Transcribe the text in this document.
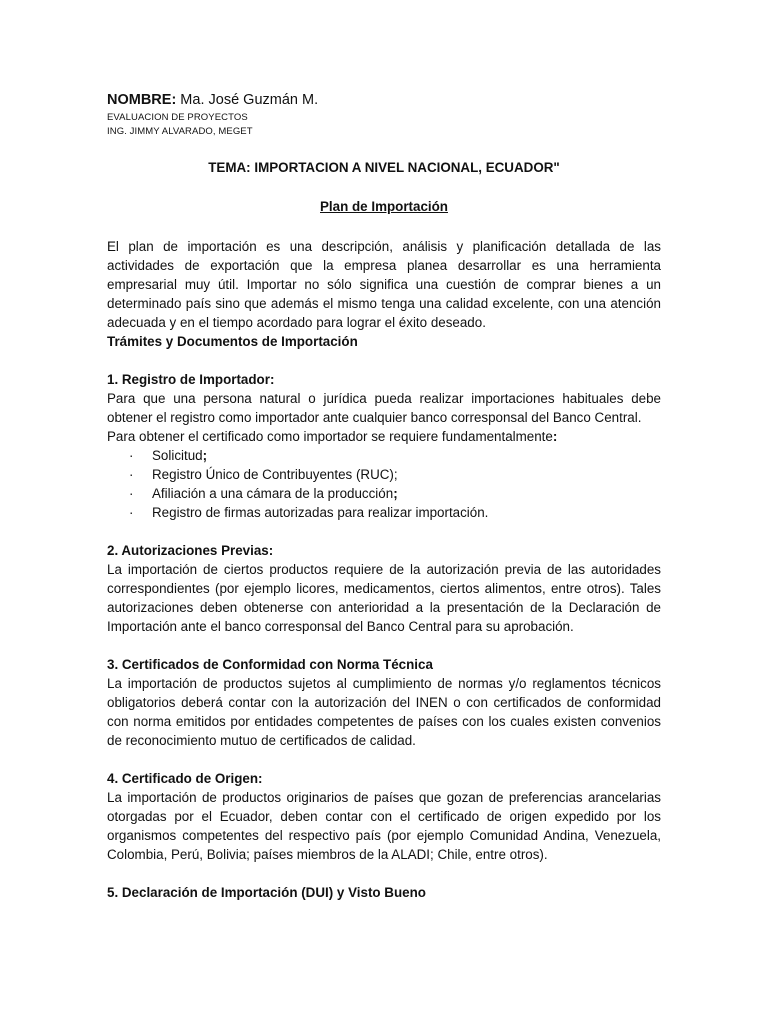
NOMBRE: Ma. José Guzmán M.
EVALUACION DE PROYECTOS
ING. JIMMY ALVARADO, MEGET
TEMA: IMPORTACION A NIVEL NACIONAL, ECUADOR"
Plan de Importación

El plan de importación es una descripción, análisis y planificación detallada de las actividades de exportación que la empresa planea desarrollar es una herramienta empresarial muy útil. Importar no sólo significa una cuestión de comprar bienes a un determinado país sino que además el mismo tenga una calidad excelente, con una atención adecuada y en el tiempo acordado para lograr el éxito deseado.

Trámites y Documentos de Importación

1. Registro de Importador:

Para que una persona natural o jurídica pueda realizar importaciones habituales debe obtener el registro como importador ante cualquier banco corresponsal del Banco Central.

Para obtener el certificado como importador se requiere fundamentalmente:

· Solicitud;
· Registro Único de Contribuyentes (RUC);
· Afiliación a una cámara de la producción;
· Registro de firmas autorizadas para realizar importación.

2. Autorizaciones Previas:

La importación de ciertos productos requiere de la autorización previa de las autoridades correspondientes (por ejemplo licores, medicamentos, ciertos alimentos, entre otros). Tales autorizaciones deben obtenerse con anterioridad a la presentación de la Declaración de Importación ante el banco corresponsal del Banco Central para su aprobación.

3. Certificados de Conformidad con Norma Técnica

La importación de productos sujetos al cumplimiento de normas y/o reglamentos técnicos obligatorios deberá contar con la autorización del INEN o con certificados de conformidad con norma emitidos por entidades competentes de países con los cuales existen convenios de reconocimiento mutuo de certificados de calidad.

4. Certificado de Origen:

La importación de productos originarios de países que gozan de preferencias arancelarias otorgadas por el Ecuador, deben contar con el certificado de origen expedido por los organismos competentes del respectivo país (por ejemplo Comunidad Andina, Venezuela, Colombia, Perú, Bolivia; países miembros de la ALADI; Chile, entre otros).

5. Declaración de Importación (DUI) y Visto Bueno
